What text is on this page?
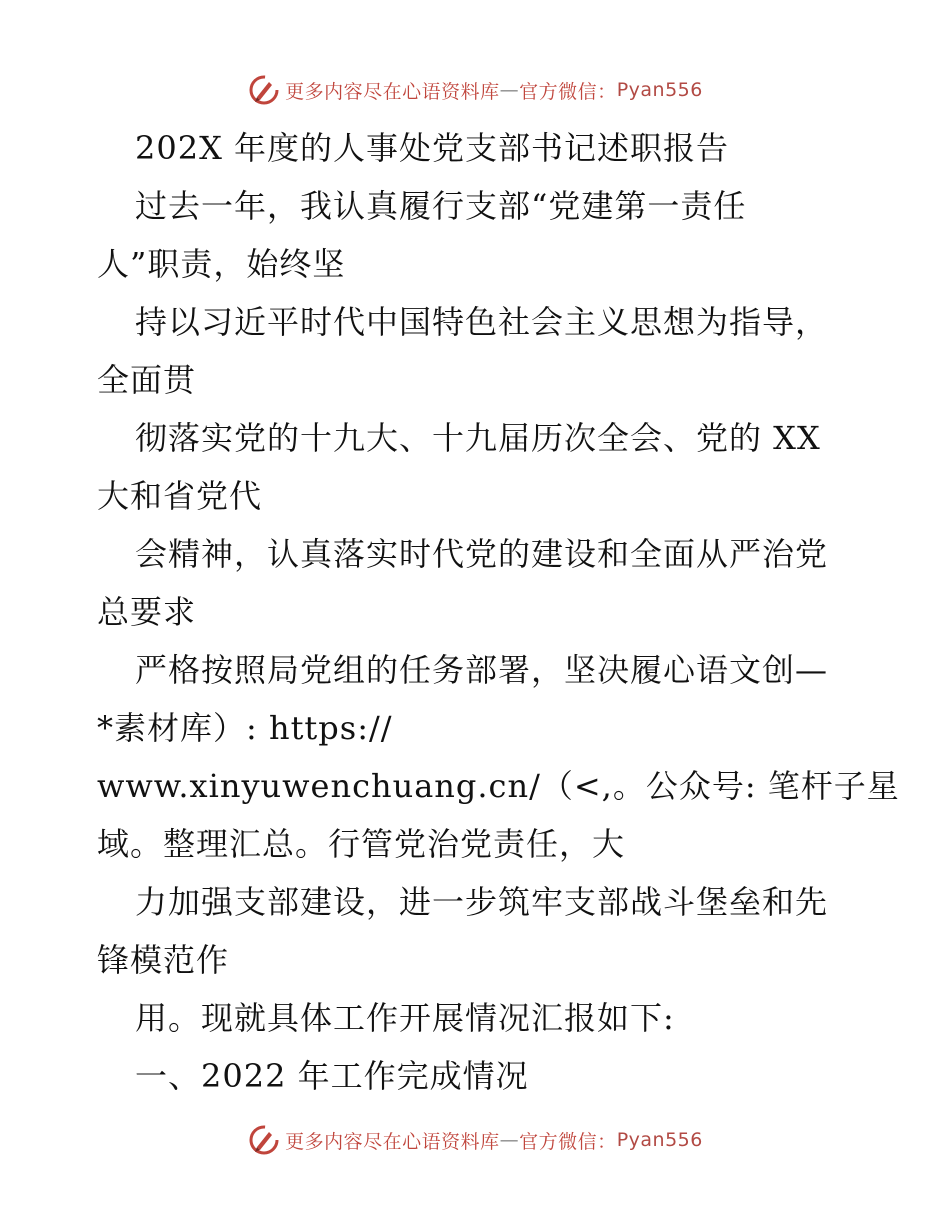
更多内容尽在心语资料库 — 官方微信： Pyan556
202X 年度的人事处党支部书记述职报告
过去一年，我认真履行支部“党建第一责任
人”职责，始终坚
持以习近平时代中国特色社会主义思想为指导，
全面贯
彻落实党的十九大、十九届历次全会、党的 XX
大和省党代
会精神，认真落实时代党的建设和全面从严治党
总要求
严格按照局党组的任务部署，坚决履心语文创—
*素材库）: https://
www.xinyuwenchuang.cn/（<,。公众号: 笔杆子星
域。整理汇总。行管党治党责任，大
力加强支部建设，进一步筑牢支部战斗堡垒和先
锋模范作
用。现就具体工作开展情况汇报如下:
一、2022 年工作完成情况
更多内容尽在心语资料库 — 官方微信： Pyan556
